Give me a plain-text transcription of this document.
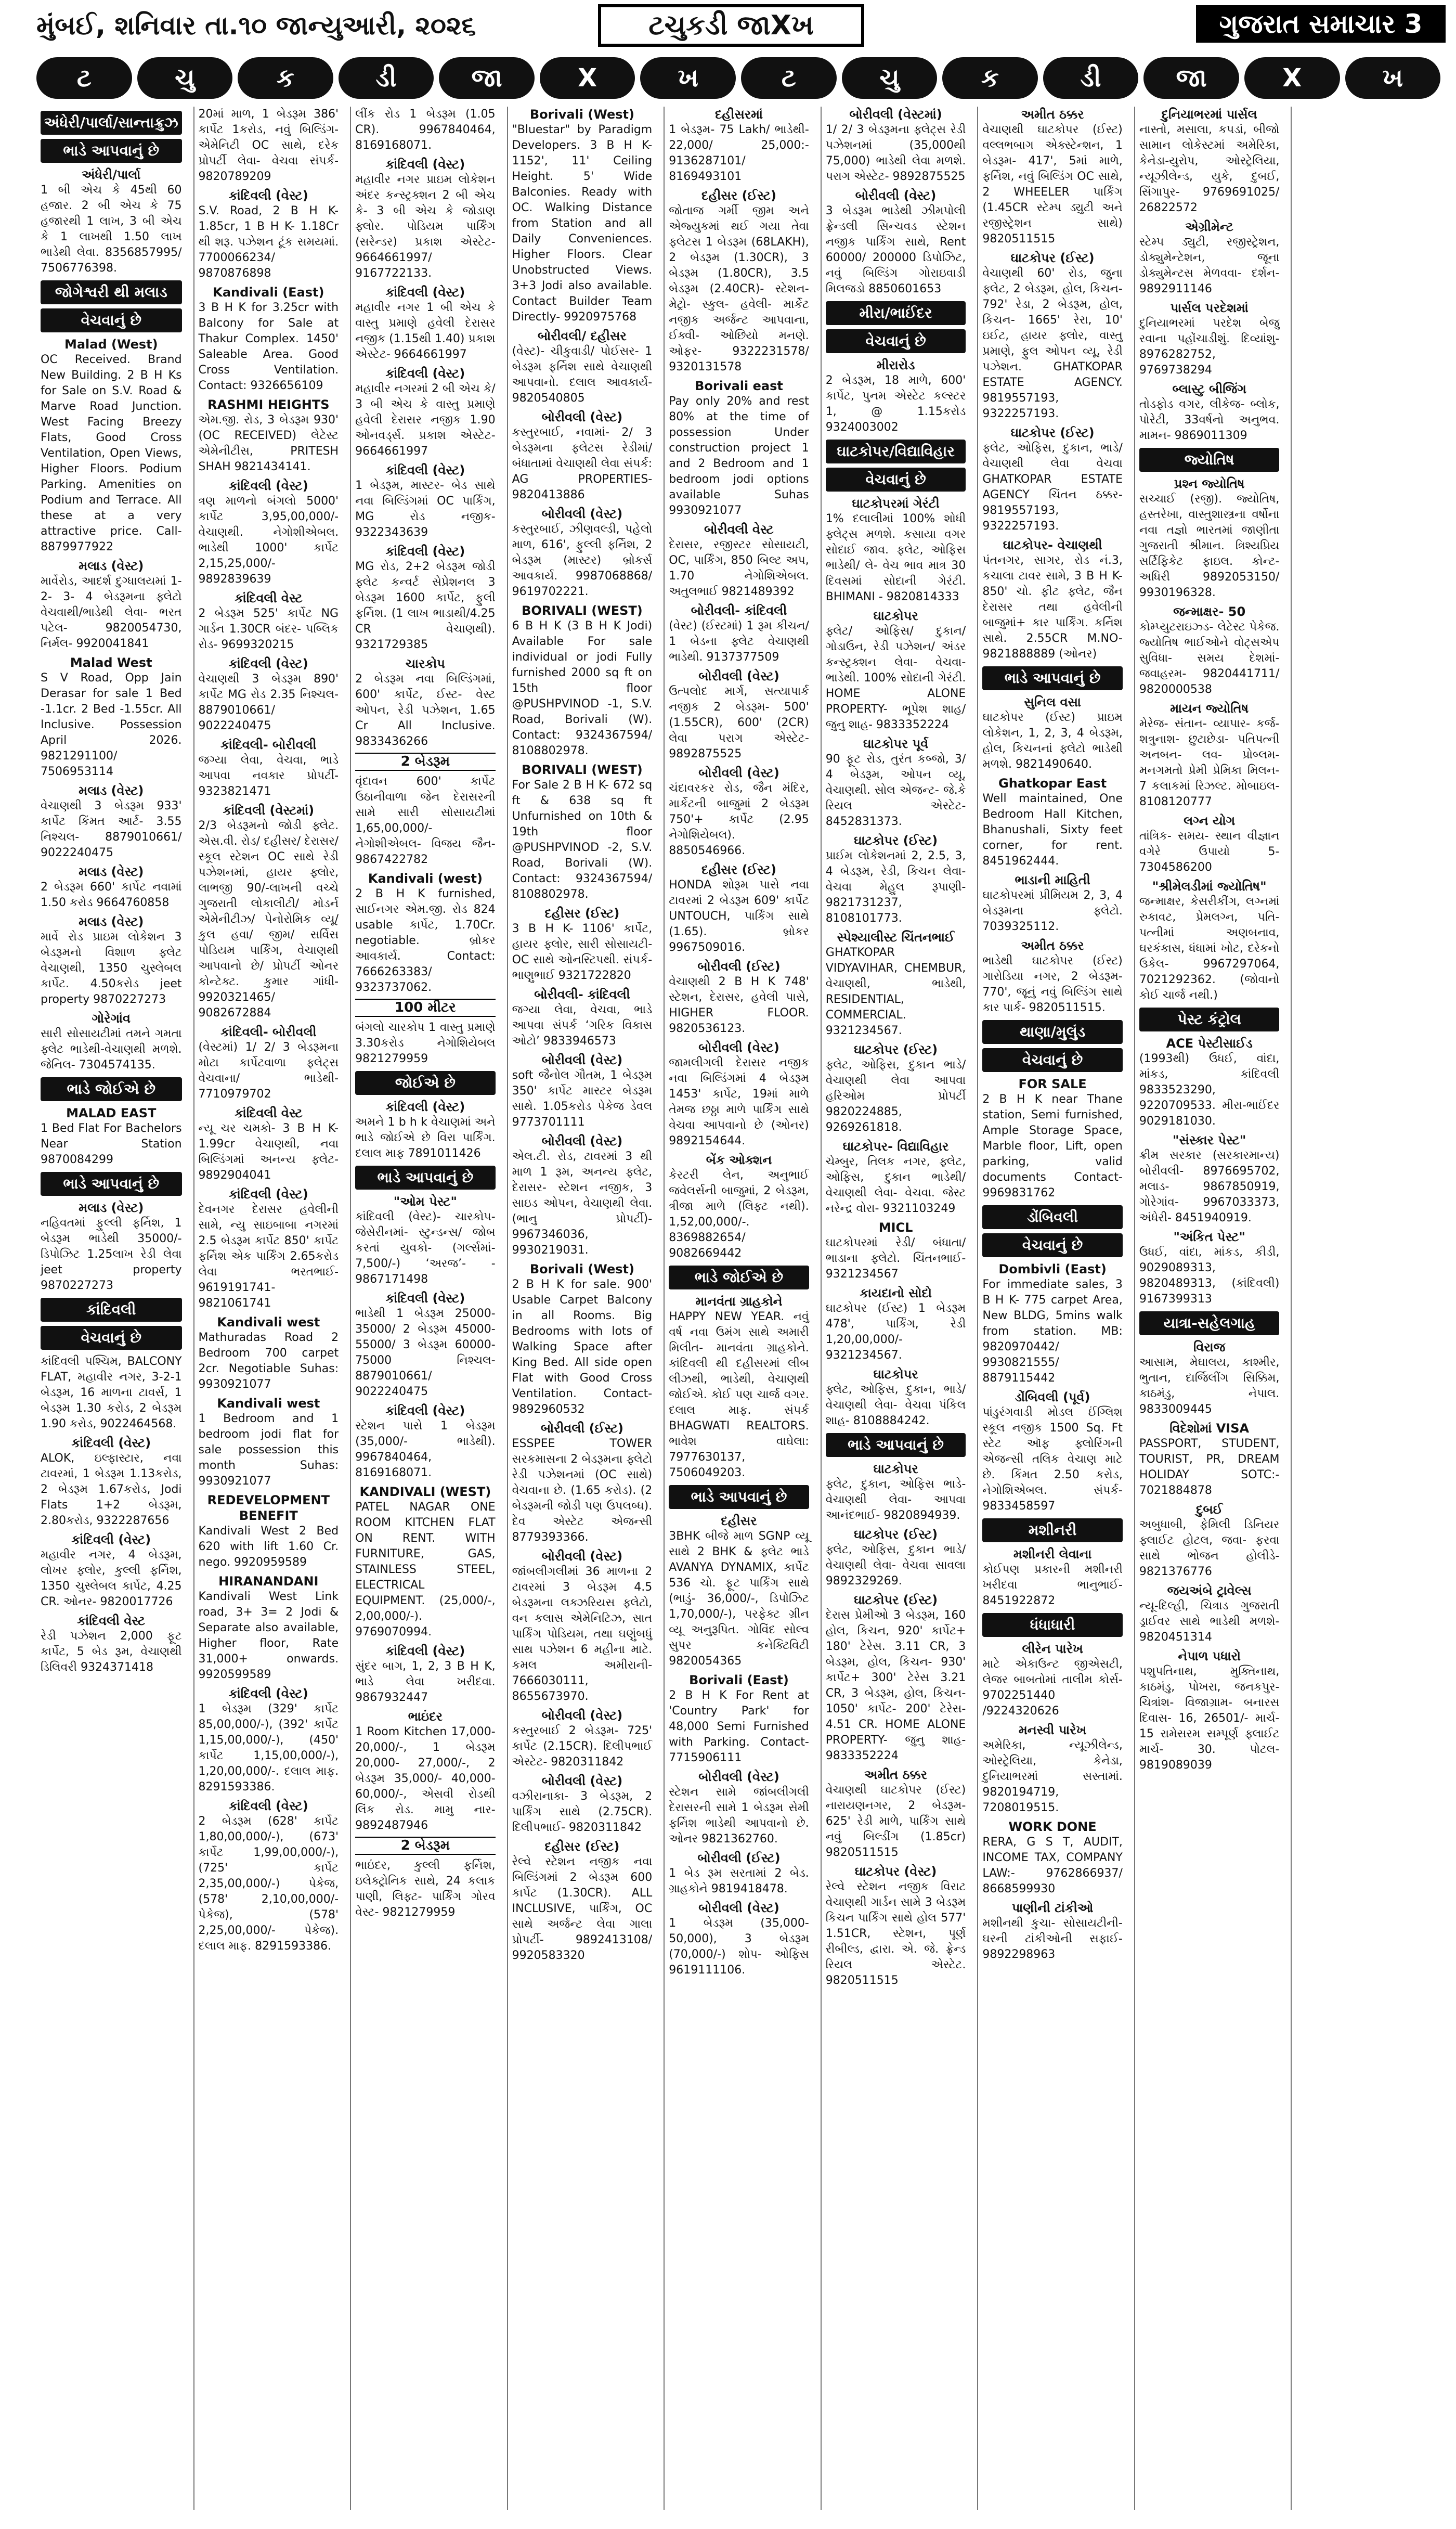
મુંબઈ, શનિવાર તા.૧૦ જાન્યુઆરી, ૨૦૨૬	ટચુકડી જાXખ	ગુજરાત સમાચાર 3
ટ	ચુ	ક	ડી	જા	X	ખ	ટ	ચુ	ક	ડી	જા	X	ખ
અંધેરી/પાર્લા/સાન્તાક્રુઝ
ભાડે આપવાનું છે

અંધેરી/પાર્લા
1 બી એચ કે 45થી 60 હજાર. 2 બી એચ કે 75 હજારથી 1 લાખ, 3 બી એચ કે 1 લાખથી 1.50 લાખ ભાડેથી લેવા. 8356857995/ 7506776398.

જોગેશ્વરી થી મલાડ
વેચવાનું છે

Malad (West)
OC Received. Brand New Building. 2 B H Ks for Sale on S.V. Road & Marve Road Junction. West Facing Breezy Flats, Good Cross Ventilation, Open Views, Higher Floors. Podium Parking. Amenities on Podium and Terrace. All these at a very attractive price. Call- 8879977922

મલાડ (વેસ્ટ)
માર્વેરોડ, આદર્શ દુગ્ધાલયમાં 1- 2- 3- 4 બેડરૂમના ફ્લેટો વેચવાથી/ભાડેથી લેવા- ભરત પટેલ- 9820054730, નિર્મલ- 9920041841

Malad West
S V Road, Opp Jain Derasar for sale 1 Bed -1.1cr. 2 Bed -1.55cr. All Inclusive. Possession April 2026. 9821291100/ 7506953114

મલાડ (વેસ્ટ)
વેચાણથી 3 બેડરૂમ 933' કાર્પેટ કિંમત આર્ટ- 3.55 નિશ્ચલ- 8879010661/ 9022240475

મલાડ (વેસ્ટ)
2 બેડરૂમ 660' કાર્પેટ નવામાં 1.50 કરોડ 9664760858

મલાડ (વેસ્ટ)
માર્વે રોડ પ્રાઇમ લોકેશન 3 બેડરૂમનો વિશાળ ફ્લેટ વેચાણથી, 1350 ચુસ્લેબલ કાર્પેટ. 4.50કરોડ jeet property 9870227273

ગોરેગાંવ
સારી સોસાયટીમાં તમને ગમતા ફ્લેટ ભાડેથી-વેચાણથી મળશે. જેનિલ- 7304574135.

ભાડે જોઈએ છે

MALAD EAST
1 Bed Flat For Bachelors Near Station 9870084299

ભાડે આપવાનું છે

મલાડ (વેસ્ટ)
નહિવતમાં ફુલ્લી ફર્નિશ, 1 બેડરૂમ ભાડેથી 35000/- ડિપોઝિટ 1.25લાખ રેડી લેવા jeet property 9870227273

કાંદિવલી
વેચવાનું છે

કાંદિવલી પશ્ચિમ, BALCONY FLAT, મહાવીર નગર, 3-2-1 બેડરૂમ, 16 માળના ટાવર્સ, 1 બેડરૂમ 1.30 કરોડ, 2 બેડરૂમ 1.90 કરોડ, 9022464568.

કાંદિવલી (વેસ્ટ)
ALOK, ઇલ્ફાસ્ટાર, નવા ટાવરમાં, 1 બેડરૂમ 1.13કરોડ, 2 બેડરૂમ 1.67કરોડ, Jodi Flats 1+2 બેડરૂમ, 2.80કરોડ, 9322287656

કાંદિવલી (વેસ્ટ)
મહાવીર નગર, 4 બેડરૂમ, લોખર ફ્લોર, કુલ્લી ફર્નિશ, 1350 ચુસ્લેબલ કાર્પેટ, 4.25 CR. ઓનર- 9820017726

કાંદિવલી વેસ્ટ
રેડી પઝેશન 2,000 ફૂટ કાર્પેટ, 5 બેડ રૂમ, વેચાણથી ડિલિવરી 9324371418

20માં માળ, 1 બેડરૂમ 386' કાર્પેટ 1કરોડ, નવું બિલ્ડિંગ- એમેનિટી OC સાથે, દરેક પ્રોપર્ટી લેવા- વેચવા સંપર્ક- 9820789209

કાંદિવલી (વેસ્ટ)
S.V. Road, 2 B H K- 1.85cr, 1 B H K- 1.18Cr થી શરૂ. પઝેશન ટૂંક સમયમાં. 7700066234/ 9870876898

Kandivali (East)
3 B H K for 3.25cr with Balcony for Sale at Thakur Complex. 1450' Saleable Area. Good Cross Ventilation. Contact: 9326656109

RASHMI HEIGHTS
એમ.જી. રોડ, 3 બેડરૂમ 930' (OC RECEIVED) લેટેસ્ટ એમેનીટીસ, PRITESH SHAH 9821434141.

કાંદિવલી (વેસ્ટ)
ત્રણ માળનો બંગલો 5000' કાર્પેટ 3,95,00,000/- વેચાણથી. નેગોશીએબલ. ભાડેથી 1000' કાર્પેટ 2,15,25,000/- 9892839639

કાંદિવલી વેસ્ટ
2 બેડરૂમ 525' કાર્પેટ NG ગાર્ડન 1.30CR બંદર- પબ્લિક રોડ- 9699320215

કાંદિવલી (વેસ્ટ)
વેચાણથી 3 બેડરૂમ 890' કાર્પેટ MG રોડ 2.35 નિશ્ચલ- 8879010661/ 9022240475

કાંદિવલી- બોરીવલી
જગ્યા લેવા, વેચવા, ભાડે આપવા નવકાર પ્રોપર્ટી- 9323821471

કાંદિવલી (વેસ્ટમાં)
2/3 બેડરૂમનો જોડી ફ્લેટ. એસ.વી. રોડ/ દહીસર/ દેરાસર/ સ્કૂલ સ્ટેશન OC સાથે રેડી પઝેશનમાં, હાયર ફ્લોર, લાભજી 90/-લાખની વચ્ચે ગુજરાતી લોકાલીટી/ મોડર્ન એમેનીટીઝ/ પેનોરોમિક વ્યૂ/ કુલ હવા/ જીમ/ સર્વિસ પોડિયમ પાર્કિંગ, વેચાણથી આપવાનો છે/ પ્રોપર્ટી ઓનર કોન્ટેક્ટ. કુમાર ગાંધી- 9920321465/ 9082672884

કાંદિવલી- બોરીવલી
(વેસ્ટમાં) 1/ 2/ 3 બેડરૂમના મોટા કાર્પેટવાળા ફ્લેટ્સ વેચવાના/ ભાડેથી- 7710979702

કાંદિવલી વેસ્ટ
ન્યૂ ચર ચમકો- 3 B H K- 1.99cr વેચાણથી, નવા બિલ્ડિંગમાં અનન્ય ફ્લેટ- 9892904041

કાંદિવલી (વેસ્ટ)
દેવનગર દેરાસર હવેલીની સામે, ન્યુ સાઇબાબા નગરમાં 2.5 બેડરૂમ કાર્પેટ 850' કાર્પેટ ફર્નિશ એક પાર્કિંગ 2.65કરોડ લેવા ભરતભાઈ- 9619191741- 9821061741

Kandivali west
Mathuradas Road 2 Bedroom 700 carpet 2cr. Negotiable Suhas: 9930921077

Kandivali west
1 Bedroom and 1 bedroom jodi flat for sale possession this month Suhas: 9930921077

REDEVELOPMENT BENEFIT
Kandivali West 2 Bed 620 with lift 1.60 Cr. nego. 9920959589

HIRANANDANI
Kandivali West Link road, 3+ 3= 2 Jodi & Separate also available, Higher floor, Rate 31,000+ onwards. 9920599589

કાંદિવલી (વેસ્ટ)
1 બેડરૂમ (329' કાર્પેટ 85,00,000/-), (392' કાર્પેટ 1,15,00,000/-), (450' કાર્પેટ 1,15,00,000/-), 1,20,00,000/-. દલાલ માફ. 8291593386.

કાંદિવલી (વેસ્ટ)
2 બેડરૂમ (628' કાર્પેટ 1,80,00,000/-), (673' કાર્પેટ 1,99,00,000/-), (725' કાર્પેટ 2,35,00,000/-) પેકેજ, (578' 2,10,00,000/- પેકેજ), (578' 2,25,00,000/- પેકેજ). દલાલ માફ. 8291593386.

લીંક રોડ 1 બેડરૂમ (1.05 CR). 9967840464, 8169168071.

કાંદિવલી (વેસ્ટ)
મહાવીર નગર પ્રાઇમ લોકેશન અંદર કન્સ્ટ્રક્શન 2 બી એચ કે- 3 બી એચ કે જોડાણ ફ્લોર. પોડિયમ પાર્કિંગ (સરેન્ડર) પ્રકાશ એસ્ટેટ- 9664661997/ 9167722133.

કાંદિવલી (વેસ્ટ)
મહાવીર નગર 1 બી એચ કે વાસ્તુ પ્રમાણે હવેલી દેરાસર નજીક (1.15થી 1.40) પ્રકાશ એસ્ટેટ- 9664661997

કાંદિવલી (વેસ્ટ)
મહાવીર નગરમાં 2 બી એચ કે/ 3 બી એચ કે વાસ્તુ પ્રમાણે હવેલી દેરાસર નજીક 1.90 ઓનવર્ડ્સ. પ્રકાશ એસ્ટેટ- 9664661997

કાંદિવલી (વેસ્ટ)
1 બેડરૂમ, માસ્ટર- બેડ સાથે નવા બિલ્ડિંગમાં OC પાર્કિંગ, MG રોડ નજીક- 9322343639

કાંદિવલી (વેસ્ટ)
MG રોડ, 2+2 બેડરૂમ જોડી ફ્લેટ કન્વર્ટ સેપ્રેશનલ 3 બેડરૂમ 1600 કાર્પેટ, ફુલી ફર્નિશ. (1 લાખ ભાડાથી/4.25 CR વેચાણથી). 9321729385

ચારકોપ
2 બેડરૂમ નવા બિલ્ડિંગમાં, 600' કાર્પેટ, ઈસ્ટ- વેસ્ટ ઓપન, રેડી પઝેશન, 1.65 Cr All Inclusive. 9833436266

2 બેડરૂમ

વૃંદાવન 600' કાર્પેટ ઉઠાનીવાળા જેન દેરાસરની સામે સારી સોસાયટીમાં 1,65,00,000/- નેગોશીએબલ- વિજય જૈન- 9867422782

Kandivali (west)
2 B H K furnished, સાઈનગર એમ.જી. રોડ 824 usable કાર્પેટ, 1.70Cr. negotiable. બ્રોકર આવકાર્ય. Contact: 7666263383/ 9323737062.

100 મીટર

બંગલો ચારકોપ 1 વાસ્તુ પ્રમાણે 3.30કરોડ નેગોશિયેબલ 9821279959

જોઈએ છે

કાંદિવલી (વેસ્ટ)
અમને 1 b h k વેચાણમાં અને ભાડે જોઈએ છે વિરા પાર્કિંગ. દલાલ માફ 7891011426

ભાડે આપવાનું છે

"ઓમ પેસ્ટ"
કાંદિવલી (વેસ્ટ)- ચારકોપ- જેસેરીનમાં- સ્ટુન્ડન્સ/ જોબ કરતાં યુવકો- (ગર્લ્સમાં- 7,500/-) ‘અરજ’- - 9867171498

કાંદિવલી (વેસ્ટ)
ભાડેથી 1 બેડરૂમ 25000- 35000/ 2 બેડરૂમ 45000- 55000/ 3 બેડરૂમ 60000- 75000 નિશ્ચલ- 8879010661/ 9022240475

કાંદિવલી (વેસ્ટ)
સ્ટેશન પાસે 1 બેડરૂમ (35,000/- ભાડેથી). 9967840464, 8169168071.

KANDIVALI (WEST)
PATEL NAGAR ONE ROOM KITCHEN FLAT ON RENT. WITH FURNITURE, GAS, STAINLESS STEEL, ELECTRICAL EQUIPMENT. (25,000/-, 2,00,000/-). 9769070994.

કાંદિવલી (વેસ્ટ)
સુંદર બાગ, 1, 2, 3 B H K, ભાડે લેવા ખરીદવા. 9867932447

ભાઇંદર
1 Room Kitchen 17,000- 20,000/-, 1 બેડરૂમ 20,000- 27,000/-, 2 બેડરૂમ 35,000/- 40,000- 60,000/-, એસવી રોડથી લિંક રોડ. મામુ નાર- 9892487946

2 બેડરૂમ

ભાઇંદર, કુલ્લી ફર્નિશ, ઇલેક્ટ્રોનિક સાથે, 24 કલાક પાણી, લિફ્ટ- પાર્કિંગ ગોરવ વેસ્ટ- 9821279959

Borivali (West)
"Bluestar" by Paradigm Developers. 3 B H K- 1152', 11' Ceiling Height. 5' Wide Balconies. Ready with OC. Walking Distance from Station and all Daily Conveniences. Higher Floors. Clear Unobstructed Views. 3+3 Jodi also available. Contact Builder Team Directly- 9920975768

બોરીવલી/ દહીસર
(વેસ્ટ)- ચીકુવાડી/ પોઈસર- 1 બેડરૂમ ફર્નિશ સાથે વેચાણથી આપવાનો. દલાલ આવકાર્ય- 9820540805

બોરીવલી (વેસ્ટ)
કસ્તુરબાઈ, નવામાં- 2/ 3 બેડરૂમના ફ્લેટસ રેડીમાં/ બંધાતામાં વેચાણથી લેવા સંપર્ક: AG PROPERTIES- 9820413886

બોરીવલી (વેસ્ટ)
કસ્તુરબાઈ, ઝીણવલ્ડી, પહેલો માળ, 616', ફુલ્લી ફર્નિશ, 2 બેડરૂમ (માસ્ટર) બ્રોકર્સ આવકાર્ય. 9987068868/ 9619702221.

BORIVALI (WEST)
6 B H K (3 B H K Jodi) Available For sale individual or jodi Fully furnished 2000 sq ft on 15th floor @PUSHPVINOD -1, S.V. Road, Borivali (W). Contact: 9324367594/ 8108802978.

BORIVALI (WEST)
For Sale 2 B H K- 672 sq ft & 638 sq ft Unfurnished on 10th & 19th floor @PUSHPVINOD -2, S.V. Road, Borivali (W). Contact: 9324367594/ 8108802978.

દહીસર (ઈસ્ટ)
3 B H K- 1106' કાર્પેટ, હાયર ફ્લોર, સારી સોસાયટી- OC સાથે ઓનસ્ટિપથી. સંપર્ક- ભાણુભાઈ 9321722820

બોરીવલી- કાંદિવલી
જગ્યા લેવા, વેચવા, ભાડે આપવા સંપર્ક ‘ગરિક વિકાસ ઓટો’ 9833946573

બોરીવલી (વેસ્ટ)
soft જૈનોલ ગૌતમ, 1 બેડરૂમ 350' કાર્પેટ માસ્ટર બેડરૂમ સાથે. 1.05કરોડ પેકેજ ડેવલ 9773701111

બોરીવલી (વેસ્ટ)
એલ.ટી. રોડ, ટાવરમાં 3 થી માળ 1 રૂમ, અનન્ય ફ્લેટ, દેરાસર- સ્ટેશન નજીક, 3 સાઇડ ઓપન, વેચાણથી લેવા. (ભાનુ પ્રોપર્ટી)- 9967346036, 9930219031.

Borivali (West)
2 B H K for sale. 900' Usable Carpet Balcony in all Rooms. Big Bedrooms with lots of Walking Space after King Bed. All side open Flat with Good Cross Ventilation. Contact- 9892960532

બોરીવલી (ઈસ્ટ)
ESSPEE TOWER સરકમાસના 2 બેડરૂમના ફ્લેટો રેડી પઝેશનમાં (OC સાથે) વેચવાના છે. (1.65 કરોડ). (2 બેડરૂમની જોડી પણ ઉપલબ્ધ). દેવ એસ્ટેટ એજન્સી 8779393366.

બોરીવલી (વેસ્ટ)
જાંબલીગલીમાં 36 માળના 2 ટાવરમાં 3 બેડરૂમ 4.5 બેડરૂમના લક્ઝરિયસ ફ્લેટો, વન કલાસ એમેનિટિઝ, સાત પાર્કિંગ પોડિયમ, તથા ઘણુંબધું સાથ પઝેશન 6 મહીના માટે. કમલ અમીરાની- 7666030111, 8655673970.

બોરીવલી (વેસ્ટ)
કસ્તુરબાઈ 2 બેડરૂમ- 725' કાર્પેટ (2.15CR). દિલીપભાઈ એસ્ટેટ- 9820311842

બોરીવલી (વેસ્ટ)
વઝીરાનાકા- 3 બેડરૂમ, 2 પાર્કિંગ સાથે (2.75CR). દિલીપભાઈ- 9820311842

દહીસર (ઈસ્ટ)
રેલ્વે સ્ટેશન નજીક નવા બિલ્ડિંગમાં 2 બેડરૂમ 600 કાર્પેટ (1.30CR). ALL INCLUSIVE, પાર્કિંગ, OC સાથે અર્જન્ટ લેવા ગાલા પ્રોપર્ટી- 9892413108/ 9920583320

દહીસરમાં
1 બેડરૂમ- 75 Lakh/ ભાડેથી- 22,000/ 25,000:- 9136287101/ 8169493101

દહીસર (ઈસ્ટ)
જોતાજ ગર્મી જીમ અને એજ્યુકમાં થઈ ગયા તેવા ફ્લેટસ 1 બેડરૂમ (68LAKH), 2 બેડરૂમ (1.30CR), 3 બેડરૂમ (1.80CR), 3.5 બેડરૂમ (2.40CR)- સ્ટેશન- મેટ્રો- સ્કુલ- હવેલી- માર્કેટ નજીક અર્જન્ટ આપવાના, ઈક્વી- ઓછિયો મનણે. ઓફર- 9322231578/ 9320131578

Borivali east
Pay only 20% and rest 80% at the time of possession Under construction project 1 and 2 Bedroom and 1 bedroom jodi options available Suhas 9930921077

બોરીવલી વેસ્ટ
દેરાસર, રજીસ્ટર સોસાયટી, OC, પાર્કિંગ, 850 બિલ્ટ અપ, 1.70 નેગોશિએબલ. અતુલભાઈ 9821489392

બોરીવલી- કાંદિવલી
(વેસ્ટ) (ઈસ્ટમાં) 1 રૂમ કીચન/ 1 બેડના ફ્લેટ વેચાણથી ભાડેથી. 9137377509

બોરીવલી (વેસ્ટ)
ઉત્પલોદ માર્ગ, સત્યાપાર્ક નજીક 2 બેડરૂમ- 500' (1.55CR), 600' (2CR) લેવા પરાગ એસ્ટેટ- 9892875525

બોરીવલી (વેસ્ટ)
ચંદાવરકર રોડ, જૈન મંદિર, માર્કેટની બાજુમાં 2 બેડરૂમ 750'+ કાર્પેટ (2.95 નેગોશિયેબલ). 8850546966.

દહીસર (ઈસ્ટ)
HONDA શોરૂમ પાસે નવા ટાવરમાં 2 બેડરૂમ 609' કાર્પેટ UNTOUCH, પાર્કિંગ સાથે (1.65). બ્રોકર 9967509016.

બોરીવલી (ઈસ્ટ)
વેચાણથી 2 B H K 748' સ્ટેશન, દેરાસર, હવેલી પાસે, HIGHER FLOOR. 9820536123.

બોરીવલી (વેસ્ટ)
જામલીગલી દેરાસર નજીક નવા બિલ્ડિંગમાં 4 બેડરૂમ 1453' કાર્પેટ, 19માં માળે તેમજ છઠ્ઠા માળે પાર્કિંગ સાથે વેચવા આપવાનો છે (ઓનર) 9892154644.

બેંક ઓક્શન
કેરટરી લેન, અનુભાઈ જવેલર્સની બાજુમાં, 2 બેડરૂમ, ત્રીજા માળે (લિફ્ટ નથી). 1,52,00,000/-. 8369882654/ 9082669442

ભાડે જોઈએ છે

માનવંતા ગ્રાહકોને
HAPPY NEW YEAR. નવું વર્ષ નવા ઉમંગ સાથે અમારી મિલીત- માનવંતા ગ્રાહકોને. કાંદિવલી થી દહીસરમાં લીબ લીઝથી, ભાડેથી, વેચાણથી જોઈએ. કોઈ પણ ચાર્જ વગર. દલાલ માફ. સંપર્ક BHAGWATI REALTORS. ભાવેશ વાઘેલા: 7977630137, 7506049203.

ભાડે આપવાનું છે

દહીસર
3BHK બીજે માળ SGNP વ્યૂ સાથે 2 BHK & ફ્લેટ ભાડે AVANYA DYNAMIX, કાર્પેટ 536 ચો. ફૂટ પાર્કિંગ સાથે (ભાડું- 36,000/-, ડિપોઝિટ 1,70,000/-), પરફેક્ટ ગ્રીન વ્યૂ અનુરૂપિત. ગોવિંદ સોલ્વ સુપર કનેક્ટિવિટી 9820054365

Borivali (East)
2 B H K For Rent at 'Country Park' for 48,000 Semi Furnished with Parking. Contact- 7715906111

બોરીવલી (વેસ્ટ)
સ્ટેશન સામે જાંબલીગલી દેરાસરની સામે 1 બેડરૂમ સેમી ફર્નિશ ભાડેથી આપવાનો છે. ઓનર 9821362760.

બોરીવલી (ઈસ્ટ)
1 બેડ રૂમ સરતામાં 2 બેડ. ગ્રાહકોને 9819418478.

બોરીવલી (વેસ્ટ)
1 બેડરૂમ (35,000- 50,000), 3 બેડરૂમ (70,000/-) શોપ- ઓફિસ 9619111106.

બોરીવલી (વેસ્ટમાં)
1/ 2/ 3 બેડરૂમના ફ્લેટ્સ રેડી પઝેશનમાં (35,000થી 75,000) ભાડેથી લેવા મળશે. પરાગ એસ્ટેટ- 9892875525

બોરીવલી (વેસ્ટ)
3 બેડરૂમ ભાડેથી ઝીમપોલી ફ્રેન્ડલી સિન્ચવડ સ્ટેશન નજીક પાર્કિંગ સાથે, Rent 60000/ 200000 ડિપોઝિટ, નવું બિલ્ડિંગ ગોરાઇવાડી મિલજડો 8850601653

મીરા/ભાઈંદર
વેચવાનું છે

મીરારોડ
2 બેડરૂમ, 18 માળે, 600' કાર્પેટ, પુનમ એસ્ટેટ કલ્સ્ટર 1, @ 1.15કરોડ 9324003002

ઘાટકોપર/વિદ્યાવિહાર
વેચવાનું છે

ઘાટકોપરમાં ગેરંટી
1% દલાલીમાં 100% શોધી ફ્લેટ્સ મળશે. કસાયા વગર સોદાઈ જાવ. ફ્લેટ, ઓફિસ ભાડેથી/ લે- વેચ ભાવ માત્ર 30 દિવસમાં સોદાની ગેરંટી. BHIMANI - 9820814333

ઘાટકોપર
ફ્લેટ/ ઓફિસ/ દુકાન/ ગોડાઉન, રેડી પઝેશન/ અંડર કન્સ્ટ્રક્શન લેવા- વેચવા- ભાડેથી. 100% સોદાની ગેરંટી. HOME ALONE PROPERTY- ભૂપેશ શાહ/ જુનુ શાહ- 9833352224

ઘાટકોપર પૂર્વ
90 ફૂટ રોડ, તુરંત કબ્જો, 3/ 4 બેડરૂમ, ઓપન વ્યૂ, વેચાણથી. સોલ એજન્ટ- જે.કે રિયલ એસ્ટેટ- 8452831373.

ઘાટકોપર (ઈસ્ટ)
પ્રાઈમ લોકેશનમાં 2, 2.5, 3, 4 બેડરૂમ, રેડી, કિચન લેવા- વેચવા મેહુલ રૂપાણી- 9821731237, 8108101773.

સ્પેશ્યાલીસ્ટ ચિંતનભાઈ
GHATKOPAR VIDYAVIHAR, CHEMBUR, વેચાણથી, ભાડેથી, RESIDENTIAL, COMMERCIAL. 9321234567.

ઘાટકોપર (ઈસ્ટ)
ફ્લેટ, ઓફિસ, દુકાન ભાડે/ વેચાણથી લેવા આપવા હરિઓમ પ્રોપર્ટી 9820224885, 9269261818.

ઘાટકોપર- વિદ્યાવિહાર
ચેમ્બુર, તિલક નગર, ફ્લેટ, ઓફિસ, દુકાન ભાડેથી/ વેચાણથી લેવા- વેચવા. જેસ્ટ નરેન્દ્ર વોરા- 9321103249

MICL
ઘાટકોપરમાં રેડી/ બંધાતા/ ભાડાના ફ્લેટો. ચિંતનભાઈ- 9321234567

કાયદાનો સોદો
ઘાટકોપર (ઈસ્ટ) 1 બેડરૂમ 478', પાર્કિંગ, રેડી 1,20,00,000/- 9321234567.

ઘાટકોપર
ફ્લેટ, ઓફિસ, દુકાન, ભાડે/ વેચાણથી લેવા- વેચવા પંકિલ શાહ- 8108884242.

ભાડે આપવાનું છે

ઘાટકોપર
ફ્લેટ, દુકાન, ઓફિસ ભાડે- વેચાણથી લેવા- આપવા આનંદભાઈ- 9820894939.

ઘાટકોપર (ઈસ્ટ)
ફ્લેટ, ઓફિસ, દુકાન ભાડે/ વેચાણથી લેવા- વેચવા સાવલા 9892329269.

ઘાટકોપર (ઈસ્ટ)
દેરાસ પ્રેમીઓ 3 બેડરૂમ, 160 હોલ, કિચન, 920' કાર્પેટ+ 180' ટેરેસ. 3.11 CR, 3 બેડરૂમ, હોલ, કિચન- 930' કાર્પેટ+ 300' ટેરેસ 3.21 CR, 3 બેડરૂમ, હોલ, કિચન- 1050' કાર્પેટ- 200' ટેરેસ- 4.51 CR. HOME ALONE PROPERTY- જુનુ શાહ- 9833352224

અમીત ઠક્કર
વેચાણથી ઘાટકોપર (ઈસ્ટ) નારાયણનગર, 2 બેડરૂમ- 625' રેડી માળે, પાર્કિંગ સાથે નવું બિલ્ડીંગ (1.85cr) 9820511515

ઘાટકોપર (વેસ્ટ)
રેલ્વે સ્ટેશન નજીક વિરાટ વેચાણથી ગાર્ડન સામે 3 બેડરૂમ કિચન પાર્કિંગ સાથે હોલ 577' 1.51CR, સ્ટેશન, પૂર્ણ રીબીલ્ડ, દ્વારા. એ. જે. ફ્રેન્ડ રિયલ એસ્ટેટ. 9820511515

અમીત ઠક્કર
વેચાણથી ઘાટકોપર (ઈસ્ટ) વલ્લભબાગ એક્સ્ટેન્શન, 1 બેડરૂમ- 417', 5માં માળે, ફર્નિશ, નવું બિલ્ડિંગ OC સાથે, 2 WHEELER પાર્કિંગ (1.45CR સ્ટેમ્પ ડ્યુટી અને રજીસ્ટ્રેશન સાથે) 9820511515

ઘાટકોપર (ઈસ્ટ)
વેચાણથી 60' રોડ, જુના ફ્લેટ, 2 બેડરૂમ, હોલ, કિચન- 792' રેડા, 2 બેડરૂમ, હોલ, કિચન- 1665' રેરા, 10' ઇઈટ, હાયર ફ્લોર, વાસ્તુ પ્રમાણે, ફુલ ઓપન વ્યૂ, રેડી પઝેશન. GHATKOPAR ESTATE AGENCY. 9819557193, 9322257193.

ઘાટકોપર (ઈસ્ટ)
ફ્લેટ, ઓફિસ, દુકાન, ભાડે/ વેચાણથી લેવા વેચવા GHATKOPAR ESTATE AGENCY ચિંતન ઠક્કર- 9819557193, 9322257193.

ઘાટકોપર- વેચાણથી
પંતનગર, સાગર, રોડ નં.3, કચાલા ટાવર સામે, 3 B H K- 850' ચો. ફીટ ફ્લેટ, જૈન દેરાસર તથા હવેલીની બાજુમાં+ કાર પાર્કિંગ. કર્નિશ સાથે. 2.55CR M.NO- 9821888889 (ઓનર)

ભાડે આપવાનું છે

સુનિલ વસા
ઘાટકોપર (ઈસ્ટ) પ્રાઇમ લોકેશન, 1, 2, 3, 4 બેડરૂમ, હોલ, કિચનનાં ફ્લેટો ભાડેથી મળશે. 9821490640.

Ghatkopar East
Well maintained, One Bedroom Hall Kitchen, Bhanushali, Sixty feet corner, for rent. 8451962444.

ભાડાની માહિતી
ઘાટકોપરમાં પ્રીમિયમ 2, 3, 4 બેડરૂમના ફ્લેટો. 7039325112.

અમીત ઠક્કર
ભાડેથી ઘાટકોપર (ઈસ્ટ) ગારોડિયા નગર, 2 બેડરૂમ- 770', જૂનું નવું બિલ્ડિંગ સાથે કાર પાર્ક- 9820511515.

થાણા/મુલુંડ
વેચવાનું છે

FOR SALE
2 B H K near Thane station, Semi furnished, Ample Storage Space, Marble floor, Lift, open parking, valid documents Contact- 9969831762

ડોંબિવલી
વેચવાનું છે

Dombivli (East)
For immediate sales, 3 B H K- 775 carpet Area, New BLDG, 5mins walk from station. MB: 9820970442/ 9930821555/ 8879115442

ડોંબિવલી (પૂર્વ)
પાંડુરંગવાડી મોડલ ઈંગ્લિશ સ્કૂલ નજીક 1500 Sq. Ft સ્ટેટ ઑફ ફ્લોરિંગની એજન્સી તલિક વેચાણ માટે છે. કિંમત 2.50 કરોડ, નેગોશિએબલ. સંપર્ક- 9833458597

મશીનરી

મશીનરી લેવાના
કોઈપણ પ્રકારની મશીનરી ખરીદવા ભાનુભાઈ- 8451922872

ધંધાધારી

લીરેન પારેખ
માટે એકાઉન્ટ જીએસટી, લેજર બાબતોમાં તાલીમ કોર્સ- 9702251440 /9224320626

મનસ્વી પારેખ
અમેરિકા, ન્યૂઝીલેન્ડ, ઓસ્ટ્રેલિયા, કેનેડા, દુનિયાભરમાં સસ્તામાં. 9820194719, 7208019515.

WORK DONE
RERA, G S T, AUDIT, INCOME TAX, COMPANY LAW:- 9762866937/ 8668599930

પાણીની ટાંકીઓ
મશીનથી કુચા- સોસાયટીની- ઘરની ટાંકીઓની સફાઈ- 9892298963

દુનિયાભરમાં પાર્સલ
નાસ્તો, મસાલા, કપડાં, બીજો સામાન લોકેસ્ટમાં અમેરિકા, કેનેડા-યુરોપ, ઓસ્ટ્રેલિયા, ન્યૂઝીલેન્ડ, યુકે, દુબઈ, સિંગાપુર- 9769691025/ 26822572

એગ્રીમેન્ટ
સ્ટેમ્પ ડ્યુટી, રજીસ્ટ્રેશન, ડોક્યુમેન્ટેશન, જૂના ડોક્યુમેન્ટસ મેળવવા- દર્શન- 9892911146

પાર્સલ પરદેશમાં
દુનિયાભરમાં પરદેશ બેજુ રવાના પહોંચાડીશું. દિવ્યાંશુ- 8976282752, 9769738294

બ્લાસ્ટુ બીજિંગ
તોડફોડ વગર, લીકેજ- બ્લોક, પોરેટી, 33વર્ષનો અનુભવ. મામન- 9869011309

જ્યોતિષ

પ્રશ્ન જ્યોતિષ
સચ્ચાઈ (રજી). જ્યોતિષ, હસ્તરેખા, વાસ્તુશાસ્ત્રના વર્ષોના નવા તજ્ઞો ભારતમાં જાણીતા ગુજરાતી શ્રીમાન. ત્રિશ્યપ્રિય સર્ટિફિકેટ ફાઇલ. કોન્ટ- અધિરી 9892053150/ 9930196328.

જન્માક્ષર- 50
કોમ્પ્યુટરાઇઝ્ડ- લેટેસ્ટ પેકેજ. જ્યોતિષ ભાઈઓને વોટ્સએપ સુવિધા- સમય દેશમાં- જવાહરમ- 9820441711/ 9820000538

માયન જ્યોતિષ
મેરેજ- સંતાન- વ્યાપાર- કર્જ- શત્રુનાશ- છુટાછેડા- પતિપત્ની અનબન- લવ- પ્રોબ્લમ- મનગમતો પ્રેમી પ્રેમિકા મિલન- 7 કલાકમાં રિઝલ્ટ. મોબાઇલ- 8108120777

લગ્ન યોગ
તાંત્રિક- સમય- સ્થાન વીજ્ઞાન વગેરે ઉપાયો 5- 7304586200

"શ્રીમેલડીમાં જ્યોતિષ"
જન્માક્ષર, કેસરીકીંગ, લગ્નમાં રુકાવટ, પ્રેમલગ્ન, પતિ- પત્નીમાં અણબનાવ, ઘરકંકાસ, ધંધામાં ખોટ, દરેકનો ઉકેલ- 9967297064, 7021292362. (જોવાનો કોઈ ચાર્જ નથી.)

પેસ્ટ કંટ્રોલ

ACE પેસ્ટીસાઈડ
(1993થી) ઉધઈ, વાંદા, માંકડ, કાંદિવલી 9833523290, 9220709533. મીરા-ભાઈંદર 9029181030.

"સંસ્કાર પેસ્ટ"
ક્રીમ સરકાર (સરકારમાન્ય) બોરીવલી- 8976695702, મલાડ- 9867850919, ગોરેગાંવ- 9967033373, અંધેરી- 8451940919.

"અંકિત પેસ્ટ"
ઉધઈ, વાંદા, માંકડ, કીડી, 9029089313, 9820489313, (કાંદિવલી) 9167399313

યાત્રા-સહેલગાહ

વિરાજ
આસામ, મેઘાલય, કાશ્મીર, ભુતાન, દાર્જિલીંગ સિક્કિમ, કાઠમંડુ, નેપાલ. 9833009445

વિદેશોમાં VISA
PASSPORT, STUDENT, TOURIST, PR, DREAM HOLIDAY SOTC:- 7021884878

દુબઈ
અબુધાબી, ફેમિલી ડિનિયર ફ્લાઈટ હોટલ, જવા- ફરવા સાથે ભોજન હોલીડે- 9821376776

જયઅંબે ટ્રાવેલ્સ
ન્યૂ-દિલ્હી, ચિત્રાડ ગુજરાતી ડ્રાઈવર સાથે ભાડેથી મળશે- 9820451314

નેપાળ પધારો
પશુપતિનાથ, મુક્તિનાથ, કાઠમંડુ, પોખરા, જનકપુર- ચિત્રાંશ- વિજાગ્રામ- બનારસ દિવાસ- 16, 26501/- માર્ચ- 15 રામેસરમ સમ્પૂર્ણ ફ્લાઈટ માર્ચ- 30. પોટલ- 9819089039
